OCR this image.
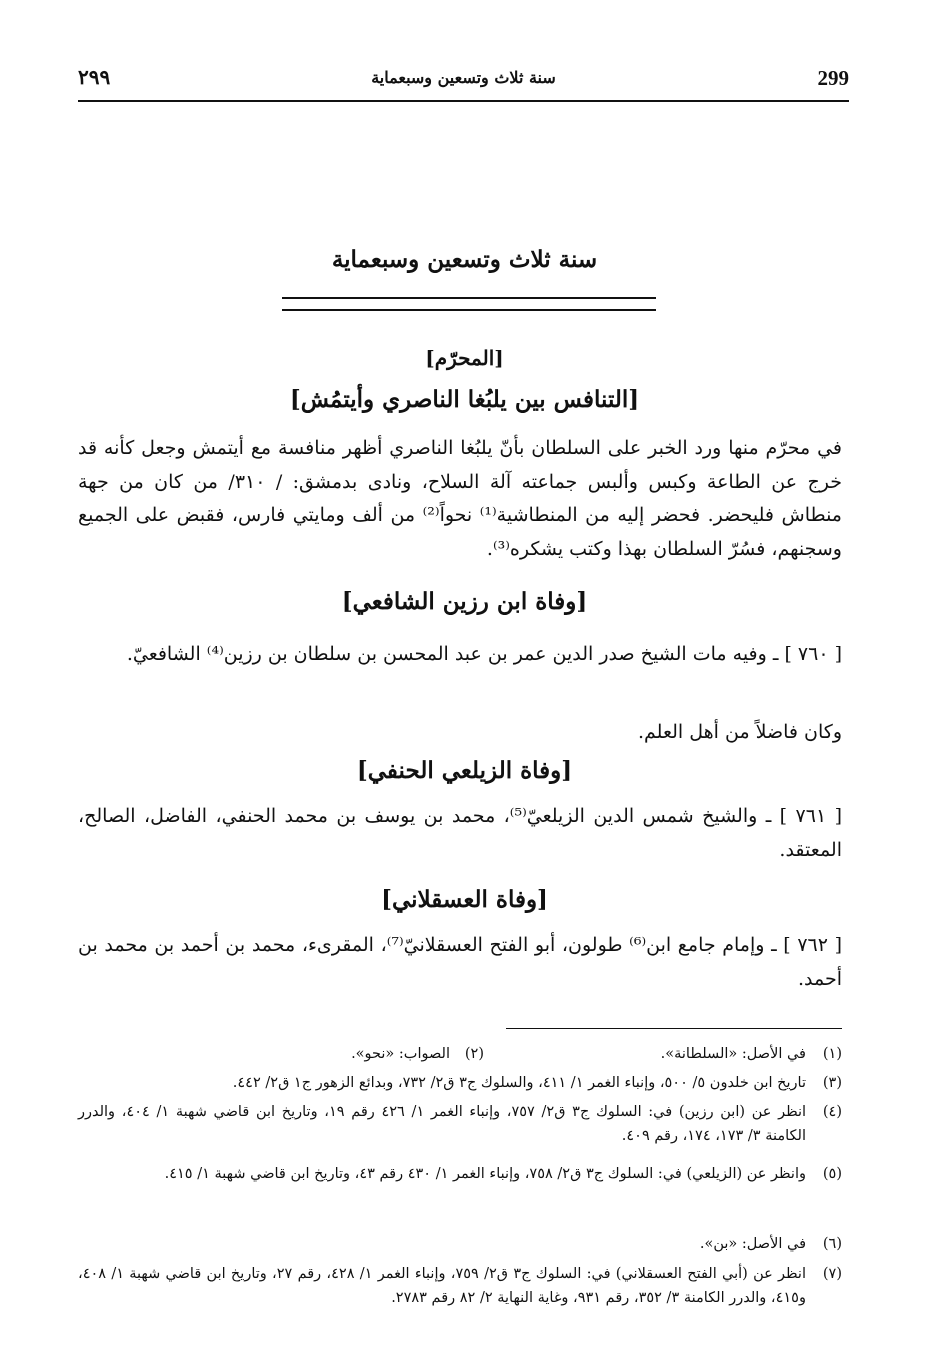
٢٩٩	سنة ثلاث وتسعين وسبعماية	299
سنة ثلاث وتسعين وسبعماية
[المحرّم]
[التنافس بين يلبُغا الناصري وأيتمُش]

في محرّم منها ورد الخبر على السلطان بأنّ يلبُغا الناصري أظهر منافسة مع أيتمش وجعل كأنه قد خرج عن الطاعة وكبس وألبس جماعته آلة السلاح، ونادى بدمشق: / ٣١٠/ من كان من جهة منطاش فليحضر. فحضر إليه من المنطاشية⁽¹⁾ نحواً⁽²⁾ من ألف ومايتي فارس، فقبض على الجميع وسجنهم، فسُرّ السلطان بهذا وكتب يشكره⁽³⁾.

[وفاة ابن رزين الشافعي]

[ ٧٦٠ ] ـ وفيه مات الشيخ صدر الدين عمر بن عبد المحسن بن سلطان بن رزين⁽⁴⁾ الشافعيّ.

وكان فاضلاً من أهل العلم.

[وفاة الزيلعي الحنفي]

[ ٧٦١ ] ـ والشيخ شمس الدين الزيلعيّ⁽⁵⁾، محمد بن يوسف بن محمد الحنفي، الفاضل، الصالح، المعتقد.

[وفاة العسقلاني]

[ ٧٦٢ ] ـ وإمام جامع ابن⁽⁶⁾ طولون، أبو الفتح العسقلانيّ⁽⁷⁾، المقرىء، محمد بن أحمد بن محمد بن أحمد.

(١)
في الأصل: «السلطانة».
(٢)
الصواب: «نحو».
(٣)
تاريخ ابن خلدون ٥/ ٥٠٠، وإنباء الغمر ١/ ٤١١، والسلوك ج٣ ق٢/ ٧٣٢، وبدائع الزهور ج١ ق٢/ ٤٤٢.
(٤)
انظر عن (ابن رزين) في: السلوك ج٣ ق٢/ ٧٥٧، وإنباء الغمر ١/ ٤٢٦ رقم ١٩، وتاريخ ابن قاضي شهبة ١/ ٤٠٤، والدرر الكامنة ٣/ ١٧٣، ١٧٤، رقم ٤٠٩.
(٥)
وانظر عن (الزيلعي) في: السلوك ج٣ ق٢/ ٧٥٨، وإنباء الغمر ١/ ٤٣٠ رقم ٤٣، وتاريخ ابن قاضي شهبة ١/ ٤١٥.
(٦)
في الأصل: «بن».
(٧)
انظر عن (أبي الفتح العسقلاني) في: السلوك ج٣ ق٢/ ٧٥٩، وإنباء الغمر ١/ ٤٢٨، رقم ٢٧، وتاريخ ابن قاضي شهبة ١/ ٤٠٨، و٤١٥، والدرر الكامنة ٣/ ٣٥٢، رقم ٩٣١، وغاية النهاية ٢/ ٨٢ رقم ٢٧٨٣.
